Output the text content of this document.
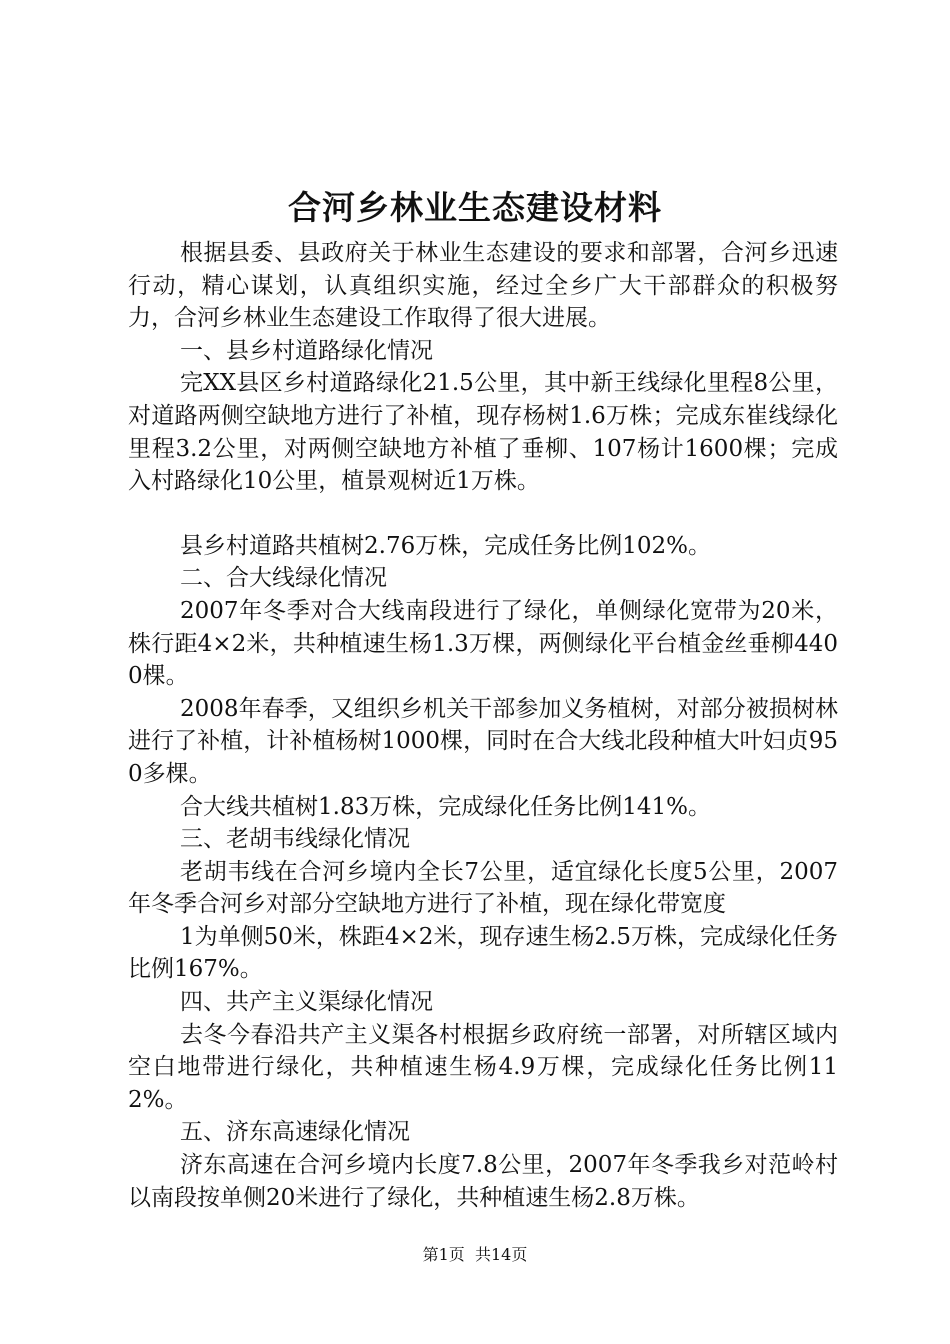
合河乡林业生态建设材料

根据县委、县政府关于林业生态建设的要求和部署，合河乡迅速行动，精心谋划，认真组织实施，经过全乡广大干部群众的积极努力，合河乡林业生态建设工作取得了很大进展。

一、县乡村道路绿化情况

完XX县区乡村道路绿化21.5公里，其中新王线绿化里程8公里，对道路两侧空缺地方进行了补植，现存杨树1.6万株；完成东崔线绿化里程3.2公里，对两侧空缺地方补植了垂柳、107杨计1600棵；完成入村路绿化10公里，植景观树近1万株。

县乡村道路共植树2.76万株，完成任务比例102%。

二、合大线绿化情况

2007年冬季对合大线南段进行了绿化，单侧绿化宽带为20米，株行距4×2米，共种植速生杨1.3万棵，两侧绿化平台植金丝垂柳4400棵。

2008年春季，又组织乡机关干部参加义务植树，对部分被损树林进行了补植，计补植杨树1000棵，同时在合大线北段种植大叶妇贞950多棵。

合大线共植树1.83万株，完成绿化任务比例141%。

三、老胡韦线绿化情况

老胡韦线在合河乡境内全长7公里，适宜绿化长度5公里，2007年冬季合河乡对部分空缺地方进行了补植，现在绿化带宽度

1为单侧50米，株距4×2米，现存速生杨2.5万株，完成绿化任务比例167%。

四、共产主义渠绿化情况

去冬今春沿共产主义渠各村根据乡政府统一部署，对所辖区域内空白地带进行绿化，共种植速生杨4.9万棵，完成绿化任务比例112%。

五、济东高速绿化情况

济东高速在合河乡境内长度7.8公里，2007年冬季我乡对范岭村以南段按单侧20米进行了绿化，共种植速生杨2.8万株。

第1页 共14页
